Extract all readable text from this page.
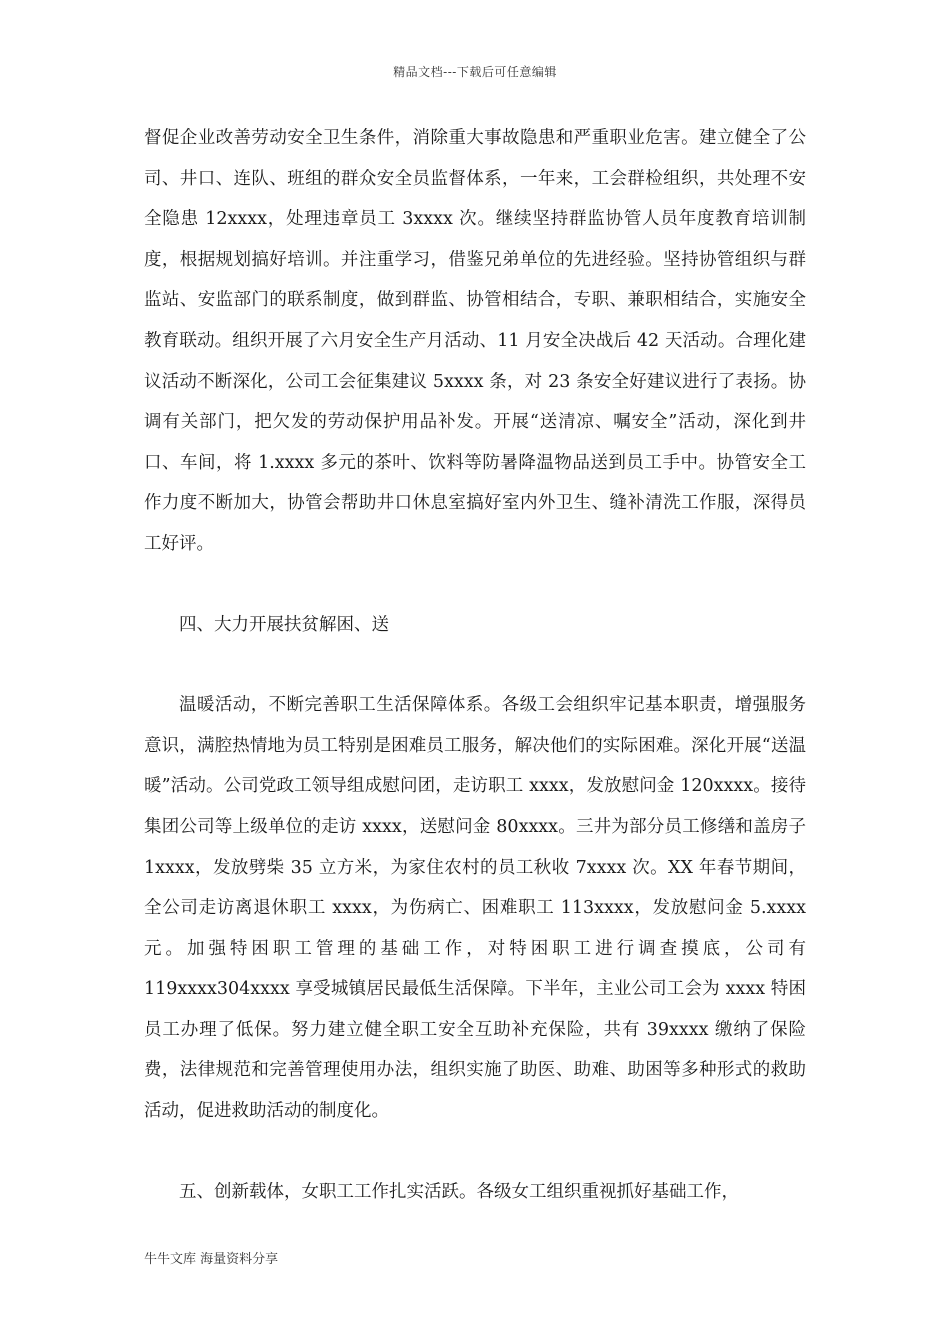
精品文档---下载后可任意编辑

督促企业改善劳动安全卫生条件，消除重大事故隐患和严重职业危害。建立健全了公司、井口、连队、班组的群众安全员监督体系，一年来，工会群检组织，共处理不安全隐患 12xxxx，处理违章员工 3xxxx 次。继续坚持群监协管人员年度教育培训制度，根据规划搞好培训。并注重学习，借鉴兄弟单位的先进经验。坚持协管组织与群监站、安监部门的联系制度，做到群监、协管相结合，专职、兼职相结合，实施安全教育联动。组织开展了六月安全生产月活动、11 月安全决战后 42 天活动。合理化建议活动不断深化，公司工会征集建议 5xxxx 条，对 23 条安全好建议进行了表扬。协调有关部门，把欠发的劳动保护用品补发。开展“送清凉、嘱安全”活动，深化到井口、车间，将 1.xxxx 多元的茶叶、饮料等防暑降温物品送到员工手中。协管安全工作力度不断加大，协管会帮助井口休息室搞好室内外卫生、缝补清洗工作服，深得员工好评。

四、大力开展扶贫解困、送

温暖活动，不断完善职工生活保障体系。各级工会组织牢记基本职责，增强服务意识，满腔热情地为员工特别是困难员工服务，解决他们的实际困难。深化开展“送温暖”活动。公司党政工领导组成慰问团，走访职工 xxxx，发放慰问金 120xxxx。接待集团公司等上级单位的走访 xxxx，送慰问金 80xxxx。三井为部分员工修缮和盖房子 1xxxx，发放劈柴 35 立方米，为家住农村的员工秋收 7xxxx 次。XX 年春节期间，全公司走访离退休职工 xxxx，为伤病亡、困难职工 113xxxx，发放慰问金 5.xxxx 元。加强特困职工管理的基础工作，对特困职工进行调查摸底，公司有 119xxxx304xxxx 享受城镇居民最低生活保障。下半年，主业公司工会为 xxxx 特困员工办理了低保。努力建立健全职工安全互助补充保险，共有 39xxxx 缴纳了保险费，法律规范和完善管理使用办法，组织实施了助医、助难、助困等多种形式的救助活动，促进救助活动的制度化。

五、创新载体，女职工工作扎实活跃。各级女工组织重视抓好基础工作，

牛牛文库 海量资料分享
